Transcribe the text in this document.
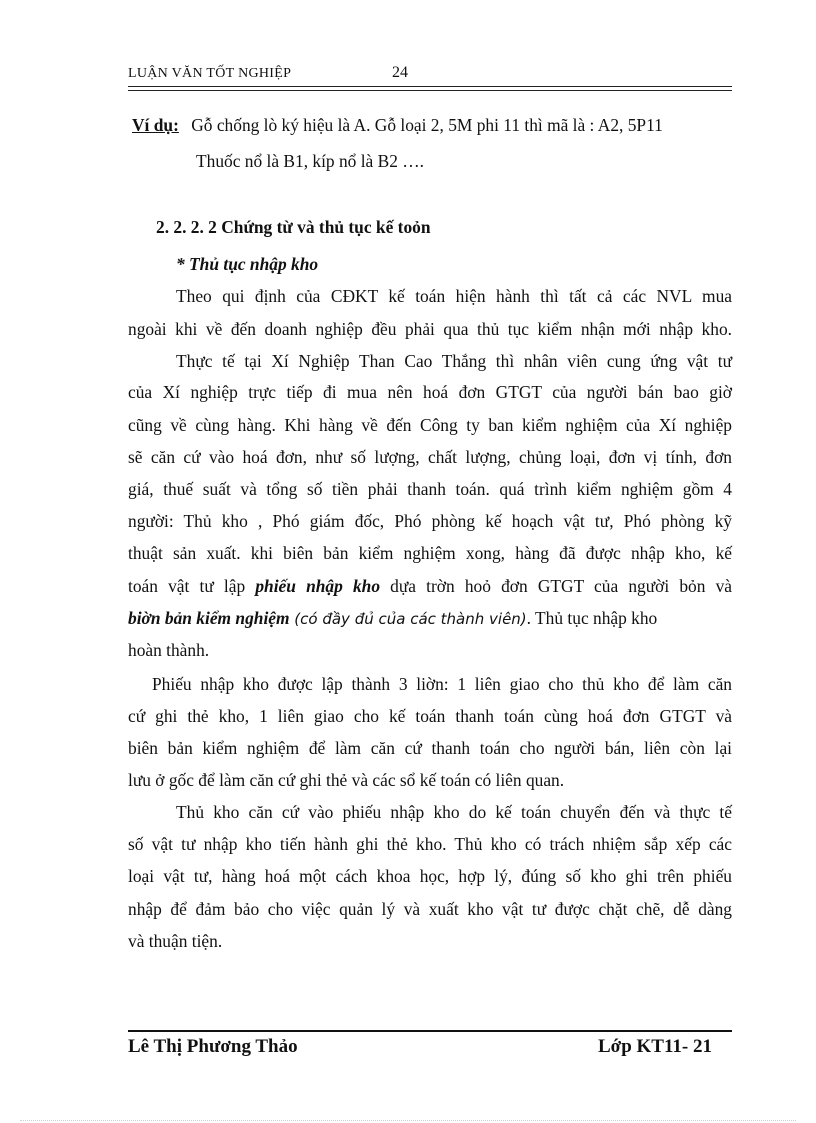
LUẬN VĂN TỐT NGHIỆP	24
Ví dụ: Gỗ chống lò ký hiệu là A. Gỗ loại 2, 5M phi 11 thì mã là : A2, 5P11
Thuốc nổ là B1, kíp nổ là B2 ….
2. 2. 2. 2 Chứng từ và thủ tục kế toỏn
* Thủ tục nhập kho
Theo qui định của CĐKT kế toán hiện hành thì tất cả các NVL mua
ngoài khi về đến doanh nghiệp đều phải qua thủ tục kiểm nhận mới nhập kho.
Thực tế tại Xí Nghiệp Than Cao Thắng thì nhân viên cung ứng vật tư
của Xí nghiệp trực tiếp đi mua nên hoá đơn GTGT của người bán bao giờ
cũng về cùng hàng. Khi hàng về đến Công ty ban kiểm nghiệm của Xí nghiệp
sẽ căn cứ vào hoá đơn, như số lượng, chất lượng, chủng loại, đơn vị tính, đơn
giá, thuế suất và tổng số tiền phải thanh toán. quá trình kiểm nghiệm gồm 4
người: Thủ kho , Phó giám đốc, Phó phòng kế hoạch vật tư, Phó phòng kỹ
thuật sản xuất. khi biên bản kiểm nghiệm xong, hàng đã được nhập kho, kế
toán vật tư lập phiếu nhập kho dựa trờn hoỏ đơn GTGT của người bỏn và
biờn bản kiểm nghiệm (có đầy đủ của các thành viên). Thủ tục nhập kho
hoàn thành.
Phiếu nhập kho được lập thành 3 liờn: 1 liên giao cho thủ kho để làm căn
cứ ghi thẻ kho, 1 liên giao cho kế toán thanh toán cùng hoá đơn GTGT và
biên bản kiểm nghiệm để làm căn cứ thanh toán cho người bán, liên còn lại
lưu ở gốc để làm căn cứ ghi thẻ và các sổ kế toán có liên quan.
Thủ kho căn cứ vào phiếu nhập kho do kế toán chuyển đến và thực tế
số vật tư nhập kho tiến hành ghi thẻ kho. Thủ kho có trách nhiệm sắp xếp các
loại vật tư, hàng hoá một cách khoa học, hợp lý, đúng số kho ghi trên phiếu
nhập để đảm bảo cho việc quản lý và xuất kho vật tư được chặt chẽ, dễ dàng
và thuận tiện.
Lê Thị Phương Thảo	Lớp KT11- 21
